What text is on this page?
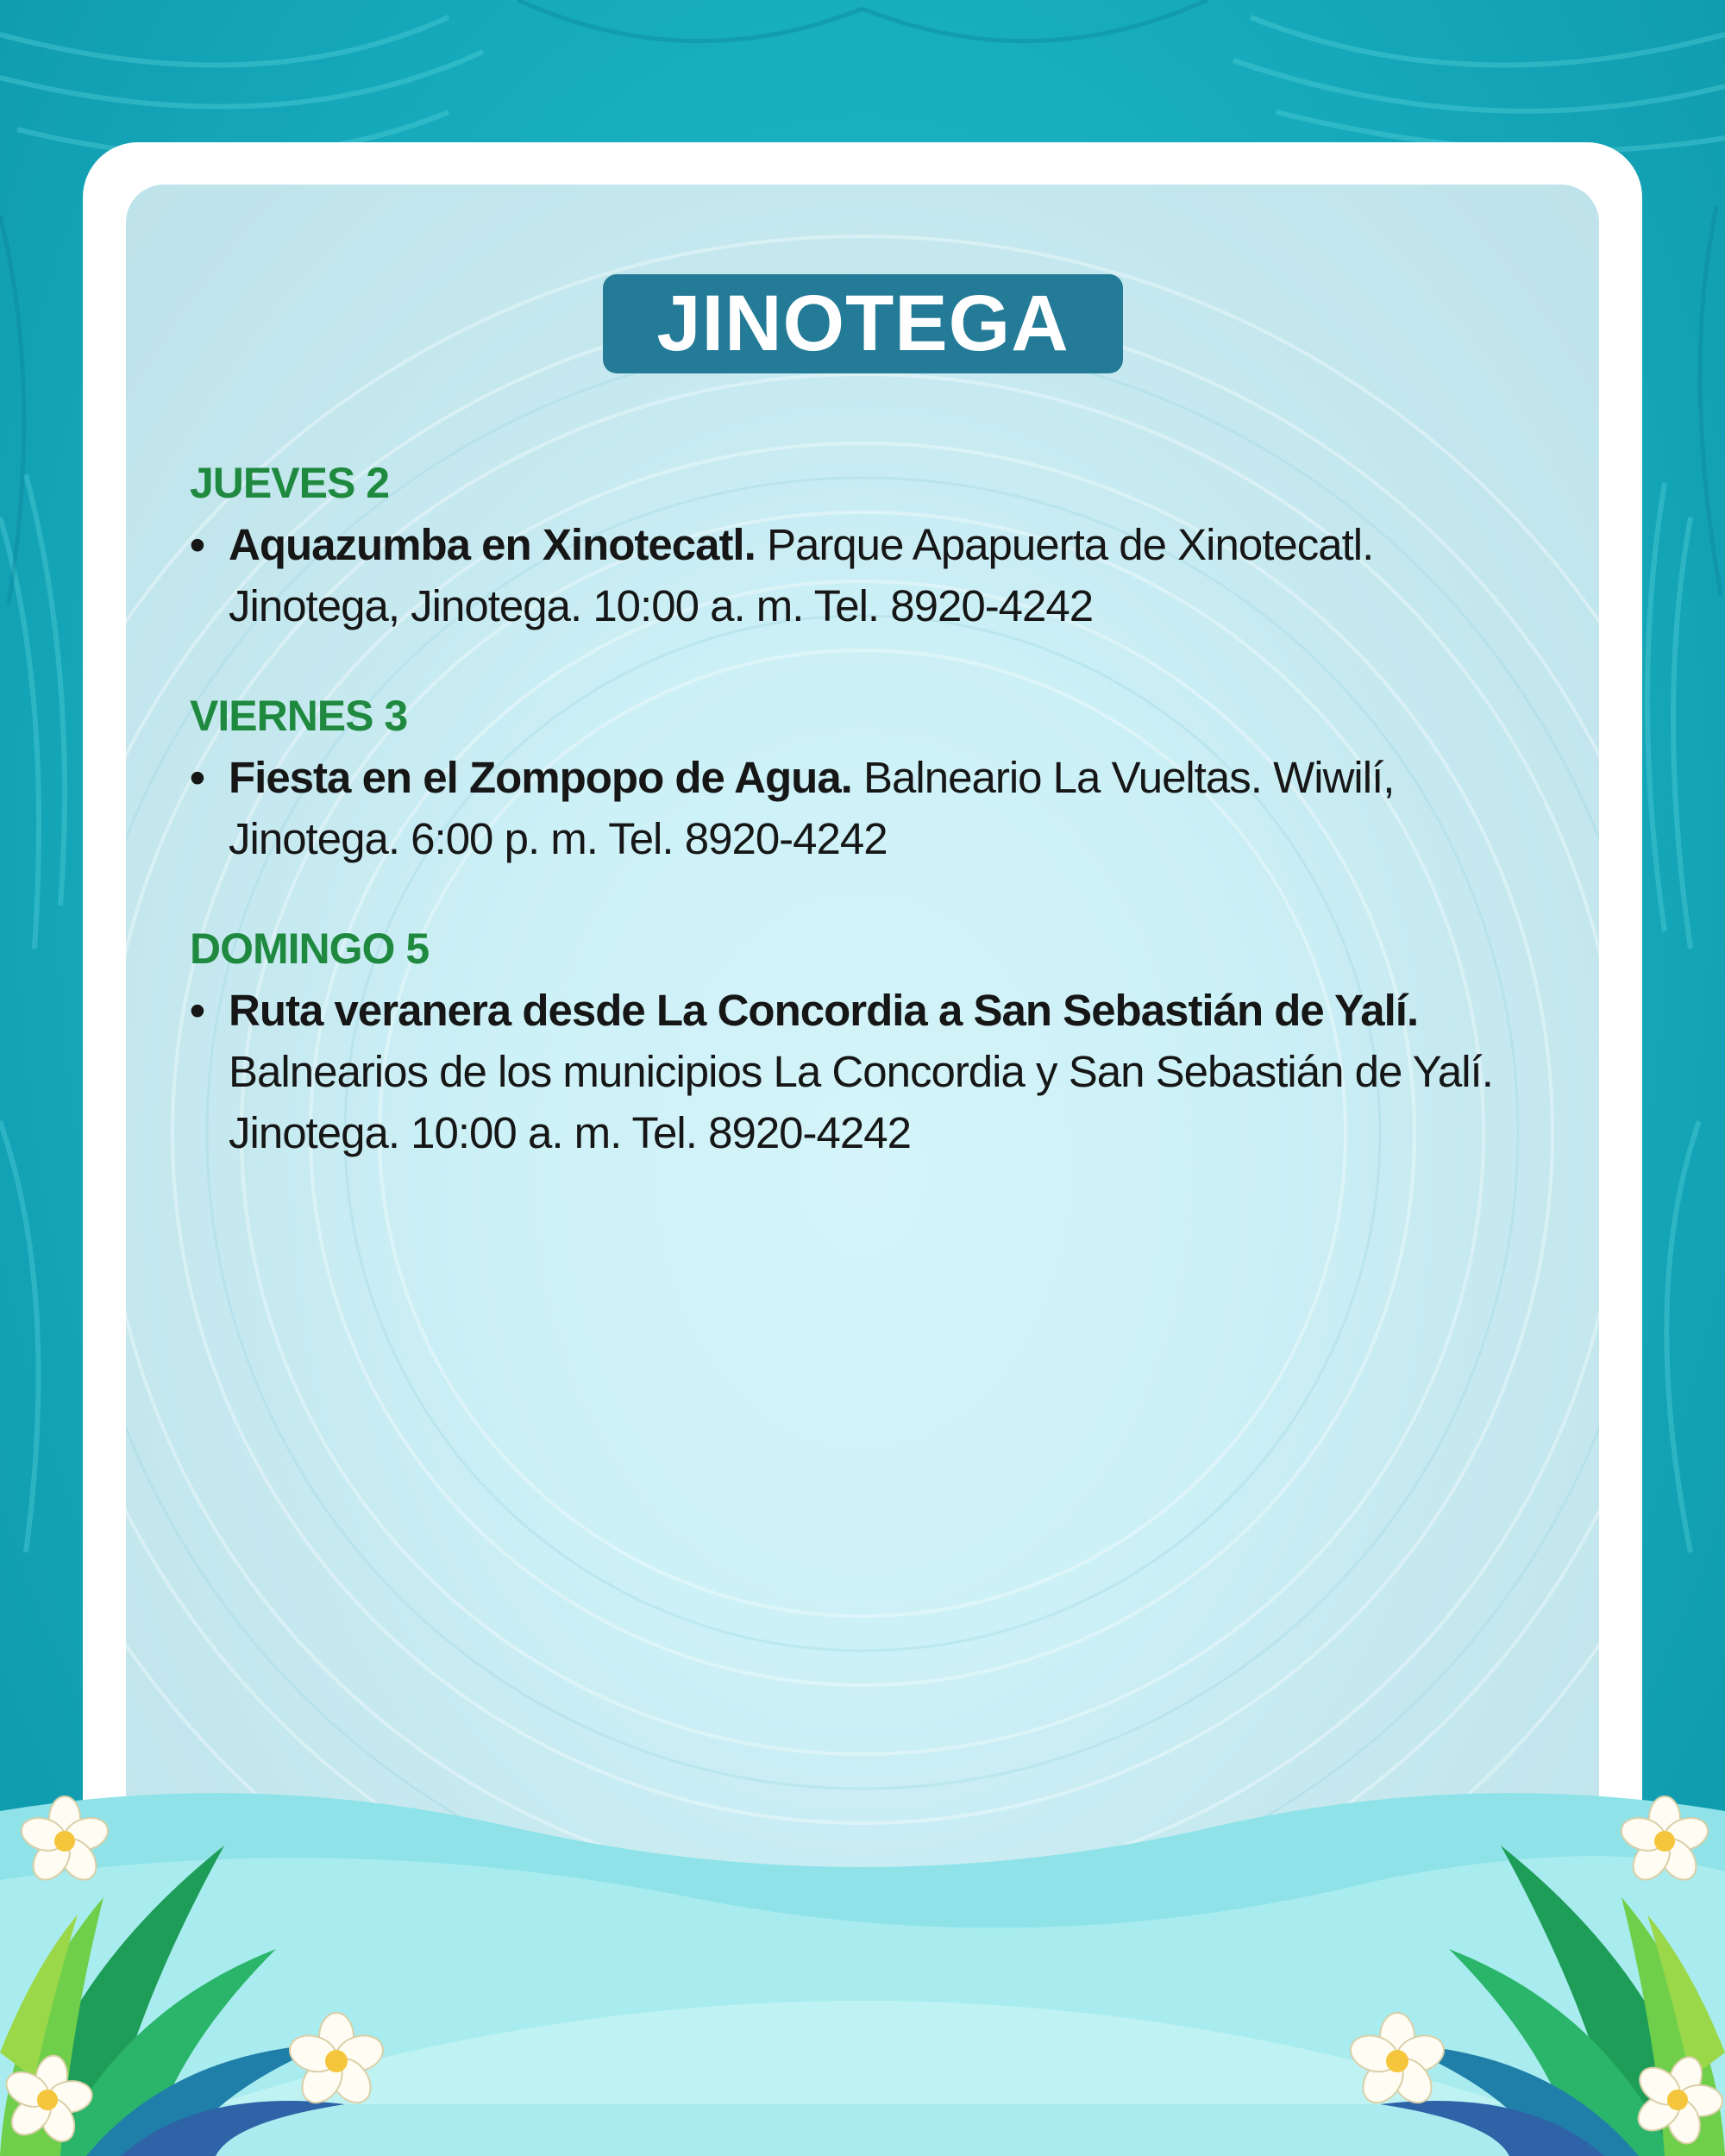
JINOTEGA
JUEVES 2
• Aquazumba en Xinotecatl. Parque Apapuerta de Xinotecatl. Jinotega, Jinotega. 10:00 a. m. Tel. 8920-4242
VIERNES 3
• Fiesta en el Zompopo de Agua. Balneario La Vueltas. Wiwilí, Jinotega. 6:00 p. m. Tel. 8920-4242
DOMINGO 5
• Ruta veranera desde La Concordia a San Sebastián de Yalí. Balnearios de los municipios La Concordia y San Sebastián de Yalí. Jinotega. 10:00 a. m. Tel. 8920-4242
